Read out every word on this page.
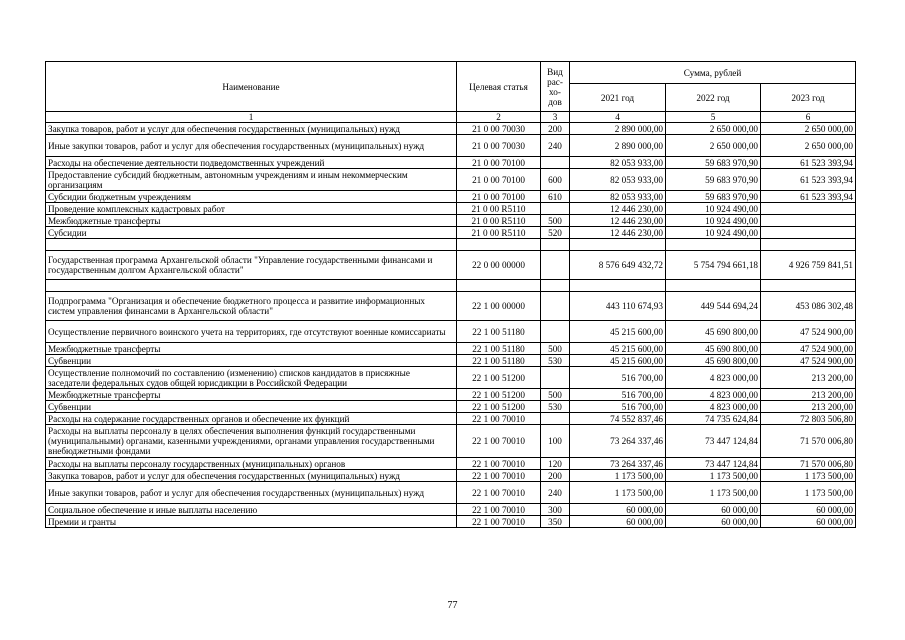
Наименование	Целевая статья	Вид рас-хо-дов	Сумма, рублей		
			2021 год	2022 год	2023 год
1	2	3	4	5	6
Закупка товаров, работ и услуг для обеспечения государственных (муниципальных) нужд	21 0 00 70030	200	2 890 000,00	2 650 000,00	2 650 000,00
Иные закупки товаров, работ и услуг для обеспечения государственных (муниципальных) нужд	21 0 00 70030	240	2 890 000,00	2 650 000,00	2 650 000,00
Расходы на обеспечение деятельности подведомственных учреждений	21 0 00 70100		82 053 933,00	59 683 970,90	61 523 393,94
Предоставление субсидий бюджетным, автономным учреждениям и иным некоммерческим организациям	21 0 00 70100	600	82 053 933,00	59 683 970,90	61 523 393,94
Субсидии бюджетным учреждениям	21 0 00 70100	610	82 053 933,00	59 683 970,90	61 523 393,94
Проведение комплексных кадастровых работ	21 0 00 R5110		12 446 230,00	10 924 490,00	
Межбюджетные трансферты	21 0 00 R5110	500	12 446 230,00	10 924 490,00	
Субсидии	21 0 00 R5110	520	12 446 230,00	10 924 490,00	

Государственная программа Архангельской области "Управление государственными финансами и государственным долгом Архангельской области"	22 0 00 00000		8 576 649 432,72	5 754 794 661,18	4 926 759 841,51

Подпрограмма "Организация и обеспечение бюджетного процесса и развитие информационных систем управления финансами в Архангельской области"	22 1 00 00000		443 110 674,93	449 544 694,24	453 086 302,48
Осуществление первичного воинского учета на территориях, где отсутствуют военные комиссариаты	22 1 00 51180		45 215 600,00	45 690 800,00	47 524 900,00
Межбюджетные трансферты	22 1 00 51180	500	45 215 600,00	45 690 800,00	47 524 900,00
Субвенции	22 1 00 51180	530	45 215 600,00	45 690 800,00	47 524 900,00
Осуществление полномочий по составлению (изменению) списков кандидатов в присяжные заседатели федеральных судов общей юрисдикции в Российской Федерации	22 1 00 51200		516 700,00	4 823 000,00	213 200,00
Межбюджетные трансферты	22 1 00 51200	500	516 700,00	4 823 000,00	213 200,00
Субвенции	22 1 00 51200	530	516 700,00	4 823 000,00	213 200,00
Расходы на содержание государственных органов и обеспечение их функций	22 1 00 70010		74 552 837,46	74 735 624,84	72 803 506,80
Расходы на выплаты персоналу в целях обеспечения выполнения функций государственными (муниципальными) органами, казенными учреждениями, органами управления государственными внебюджетными фондами	22 1 00 70010	100	73 264 337,46	73 447 124,84	71 570 006,80
Расходы на выплаты персоналу государственных (муниципальных) органов	22 1 00 70010	120	73 264 337,46	73 447 124,84	71 570 006,80
Закупка товаров, работ и услуг для обеспечения государственных (муниципальных) нужд	22 1 00 70010	200	1 173 500,00	1 173 500,00	1 173 500,00
Иные закупки товаров, работ и услуг для обеспечения государственных (муниципальных) нужд	22 1 00 70010	240	1 173 500,00	1 173 500,00	1 173 500,00
Социальное обеспечение и иные выплаты населению	22 1 00 70010	300	60 000,00	60 000,00	60 000,00
Премии и гранты	22 1 00 70010	350	60 000,00	60 000,00	60 000,00
77
